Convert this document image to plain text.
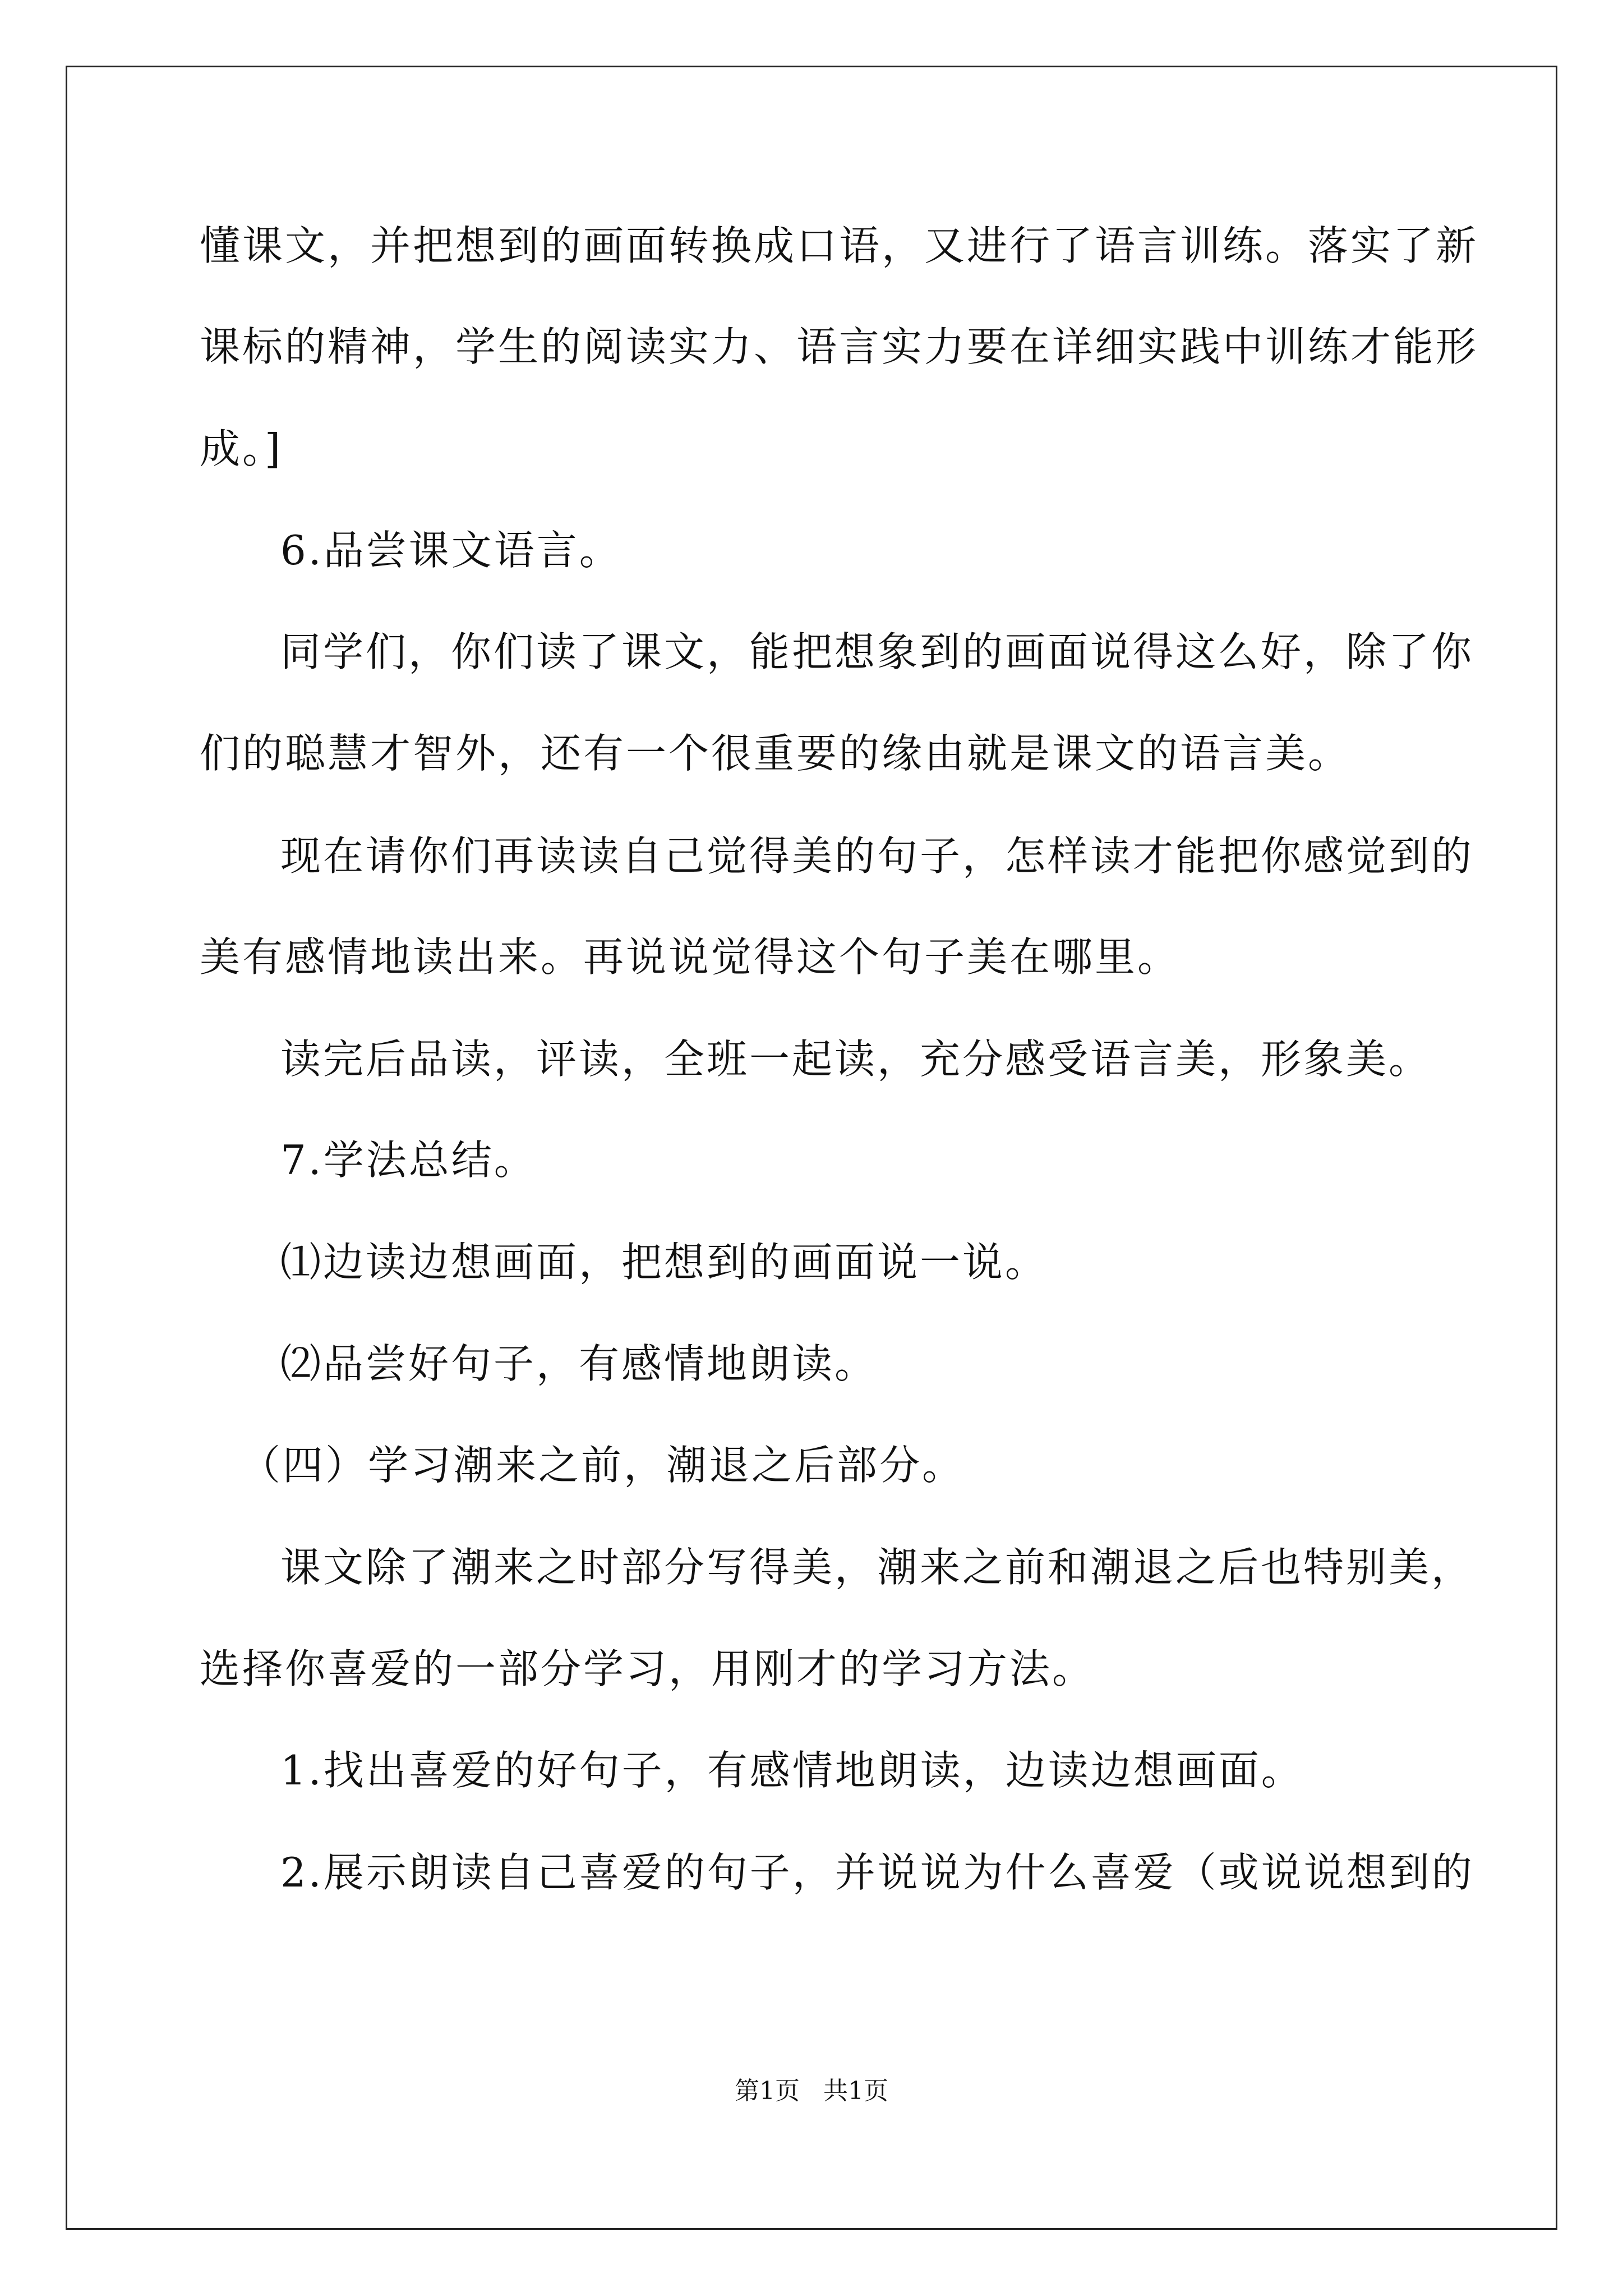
懂课文，并把想到的画面转换成口语，又进行了语言训练。落实了新
课标的精神，学生的阅读实力、语言实力要在详细实践中训练才能形
成。]
6.品尝课文语言。
同学们，你们读了课文，能把想象到的画面说得这么好，除了你
们的聪慧才智外，还有一个很重要的缘由就是课文的语言美。
现在请你们再读读自己觉得美的句子，怎样读才能把你感觉到的
美有感情地读出来。再说说觉得这个句子美在哪里。
读完后品读，评读，全班一起读，充分感受语言美，形象美。
7.学法总结。
⑴边读边想画面，把想到的画面说一说。
⑵品尝好句子，有感情地朗读。
（四）学习潮来之前，潮退之后部分。
课文除了潮来之时部分写得美，潮来之前和潮退之后也特别美，
选择你喜爱的一部分学习，用刚才的学习方法。
1.找出喜爱的好句子，有感情地朗读，边读边想画面。
2.展示朗读自己喜爱的句子，并说说为什么喜爱（或说说想到的
第1页   共1页
